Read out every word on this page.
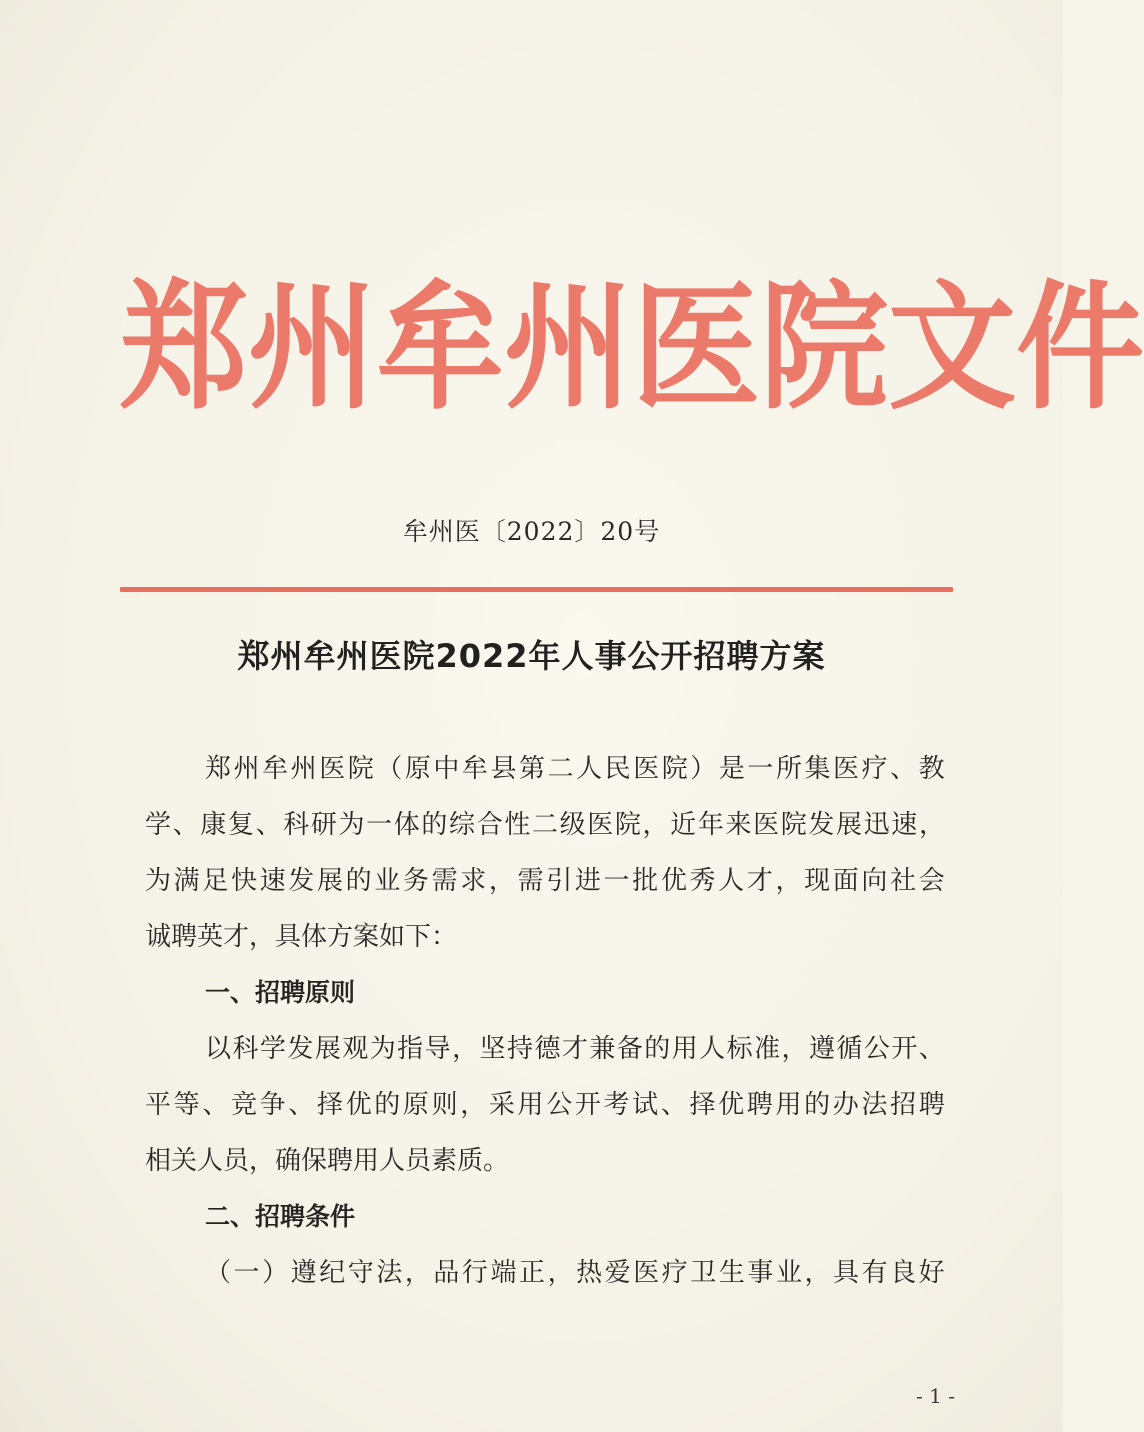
郑 州 牟 州 医 院 文 件
牟州医〔2022〕20号
郑州牟州医院2022年人事公开招聘方案
郑 州 牟 州 医 院 （ 原 中 牟 县 第 二 人 民 医 院 ） 是 一 所 集 医 疗 、 教
学 、 康 复 、 科 研 为 一 体 的 综 合 性 二 级 医 院 ， 近 年 来 医 院 发 展 迅 速 ，
为 满 足 快 速 发 展 的 业 务 需 求 ， 需 引 进 一 批 优 秀 人 才 ， 现 面 向 社 会
诚聘英才，具体方案如下：
一、招聘原则
以 科 学 发 展 观 为 指 导 ， 坚 持 德 才 兼 备 的 用 人 标 准 ， 遵 循 公 开 、
平 等 、 竞 争 、 择 优 的 原 则 ， 采 用 公 开 考 试 、 择 优 聘 用 的 办 法 招 聘
相关人员，确保聘用人员素质。
二、招聘条件
（ 一 ） 遵 纪 守 法 ， 品 行 端 正 ， 热 爱 医 疗 卫 生 事 业 ， 具 有 良 好
- 1 -
